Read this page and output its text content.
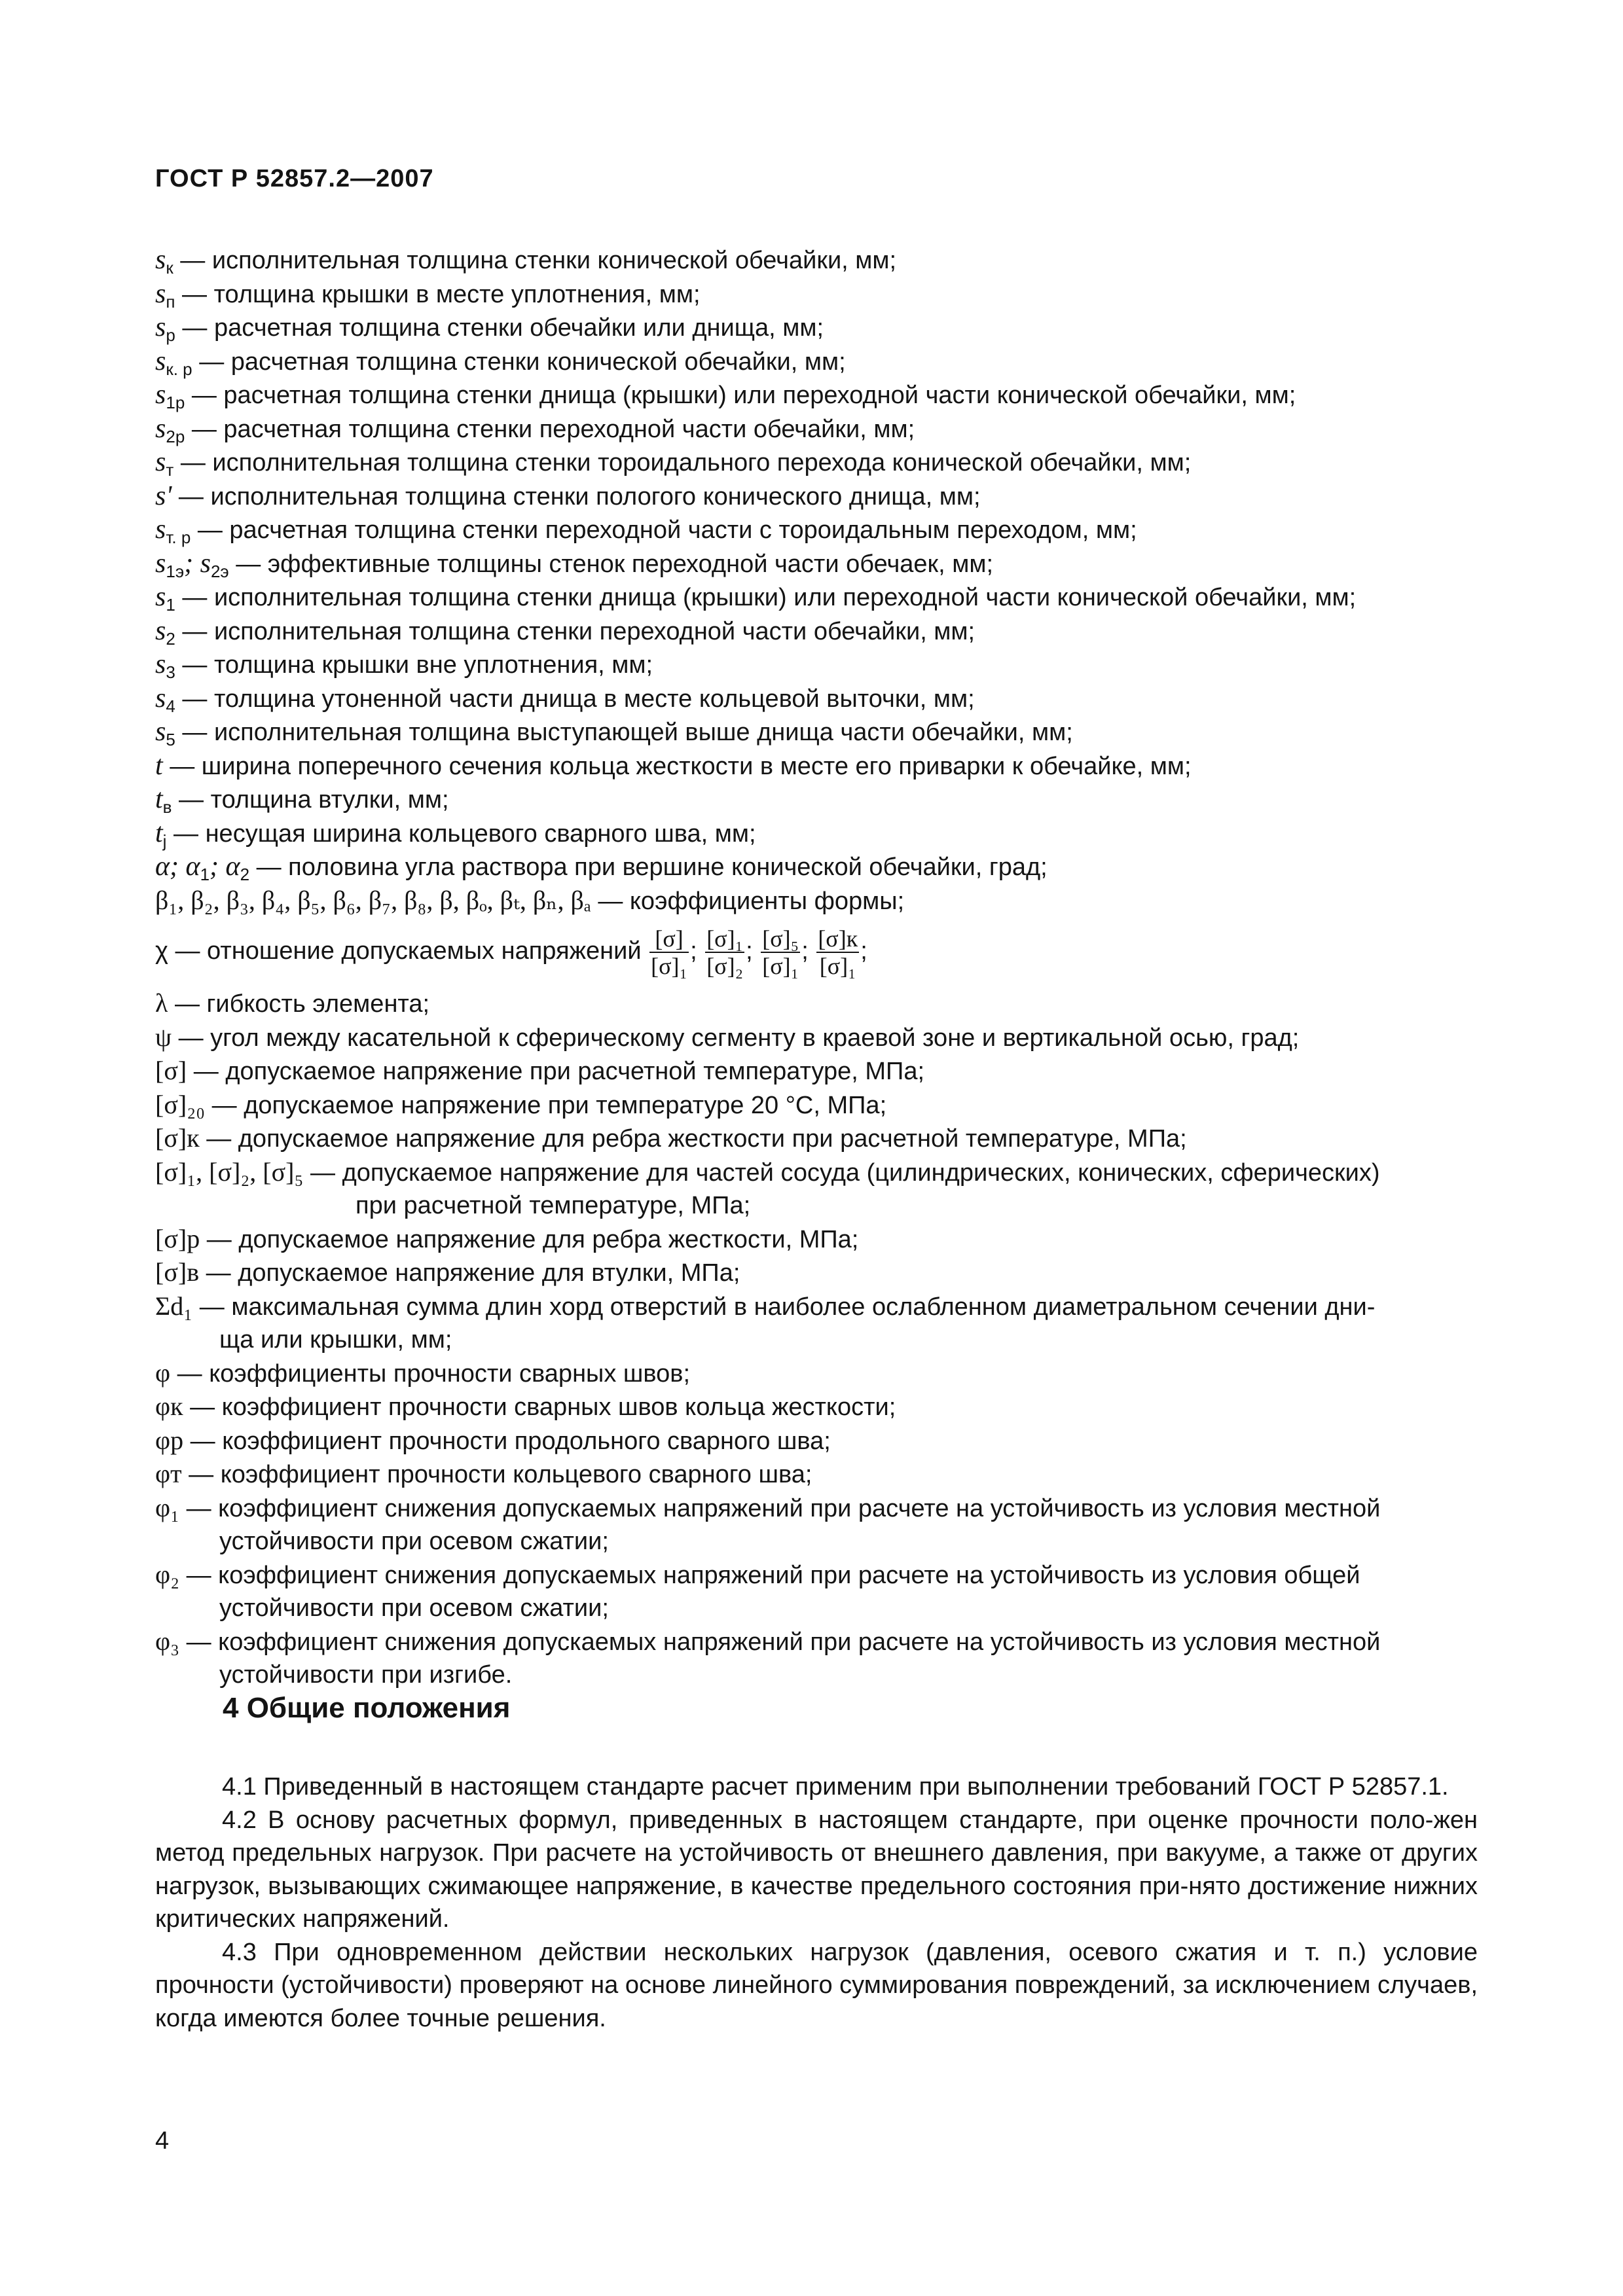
ГОСТ Р 52857.2—2007
$s_к$ — исполнительная толщина стенки конической обечайки, мм;
$s_п$ — толщина крышки в месте уплотнения, мм;
$s_р$ — расчетная толщина стенки обечайки или днища, мм;
$s_{к. р}$ — расчетная толщина стенки конической обечайки, мм;
$s_{1р}$ — расчетная толщина стенки днища (крышки) или переходной части конической обечайки, мм;
$s_{2р}$ — расчетная толщина стенки переходной части обечайки, мм;
$s_т$ — исполнительная толщина стенки тороидального перехода конической обечайки, мм;
s' — исполнительная толщина стенки пологого конического днища, мм;
$s_{т. р}$ — расчетная толщина стенки переходной части с тороидальным переходом, мм;
$s_{1э}$; $s_{2э}$ — эффективные толщины стенок переходной части обечаек, мм;
$s_1$ — исполнительная толщина стенки днища (крышки) или переходной части конической обечайки, мм;
$s_2$ — исполнительная толщина стенки переходной части обечайки, мм;
$s_3$ — толщина крышки вне уплотнения, мм;
$s_4$ — толщина утоненной части днища в месте кольцевой выточки, мм;
$s_5$ — исполнительная толщина выступающей выше днища части обечайки, мм;
t — ширина поперечного сечения кольца жесткости в месте его приварки к обечайке, мм;
$t_в$ — толщина втулки, мм;
$t_j$ — несущая ширина кольцевого сварного шва, мм;
α; $\alpha_1$; $\alpha_2$ — половина угла раствора при вершине конической обечайки, град;
β₁, β₂, β₃, β₄, β₅, β₆, β₇, β₈, β, βₒ, βₜ, βₙ, βₐ — коэффициенты формы;
χ — отношение допускаемых напряжений $\frac{[\sigma]}{\text{[σ]₁}}$ ; $\frac{\text{[σ]₁}}{\text{[σ]₂}}$ ; $\frac{\text{[σ]₅}}{\text{[σ]₁}}$ ; $\frac{[\sigma]к}{\text{[σ]₁}}$ ;
λ — гибкость элемента;
ψ — угол между касательной к сферическому сегменту в краевой зоне и вертикальной осью, град;
[σ] — допускаемое напряжение при расчетной температуре, МПа;
[σ]₂₀ — допускаемое напряжение при температуре 20 °С, МПа;
[σ]к — допускаемое напряжение для ребра жесткости при расчетной температуре, МПа;
[σ]₁, [σ]₂, [σ]₅ — допускаемое напряжение для частей сосуда (цилиндрических, конических, сферических)
при расчетной температуре, МПа;
[σ]р — допускаемое напряжение для ребра жесткости, МПа;
[σ]в — допускаемое напряжение для втулки, МПа;
Σd₁ — максимальная сумма длин хорд отверстий в наиболее ослабленном диаметральном сечении дни-
ща или крышки, мм;
φ — коэффициенты прочности сварных швов;
φк — коэффициент прочности сварных швов кольца жесткости;
φр — коэффициент прочности продольного сварного шва;
φт — коэффициент прочности кольцевого сварного шва;
φ₁ — коэффициент снижения допускаемых напряжений при расчете на устойчивость из условия местной
устойчивости при осевом сжатии;
φ₂ — коэффициент снижения допускаемых напряжений при расчете на устойчивость из условия общей
устойчивости при осевом сжатии;
φ₃ — коэффициент снижения допускаемых напряжений при расчете на устойчивость из условия местной
устойчивости при изгибе.
4 Общие положения

4.1 Приведенный в настоящем стандарте расчет применим при выполнении требований ГОСТ Р 52857.1.

4.2 В основу расчетных формул, приведенных в настоящем стандарте, при оценке прочности поло-жен метод предельных нагрузок. При расчете на устойчивость от внешнего давления, при вакууме, а также от других нагрузок, вызывающих сжимающее напряжение, в качестве предельного состояния при-нято достижение нижних критических напряжений.

4.3 При одновременном действии нескольких нагрузок (давления, осевого сжатия и т. п.) условие прочности (устойчивости) проверяют на основе линейного суммирования повреждений, за исключением случаев, когда имеются более точные решения.

4
